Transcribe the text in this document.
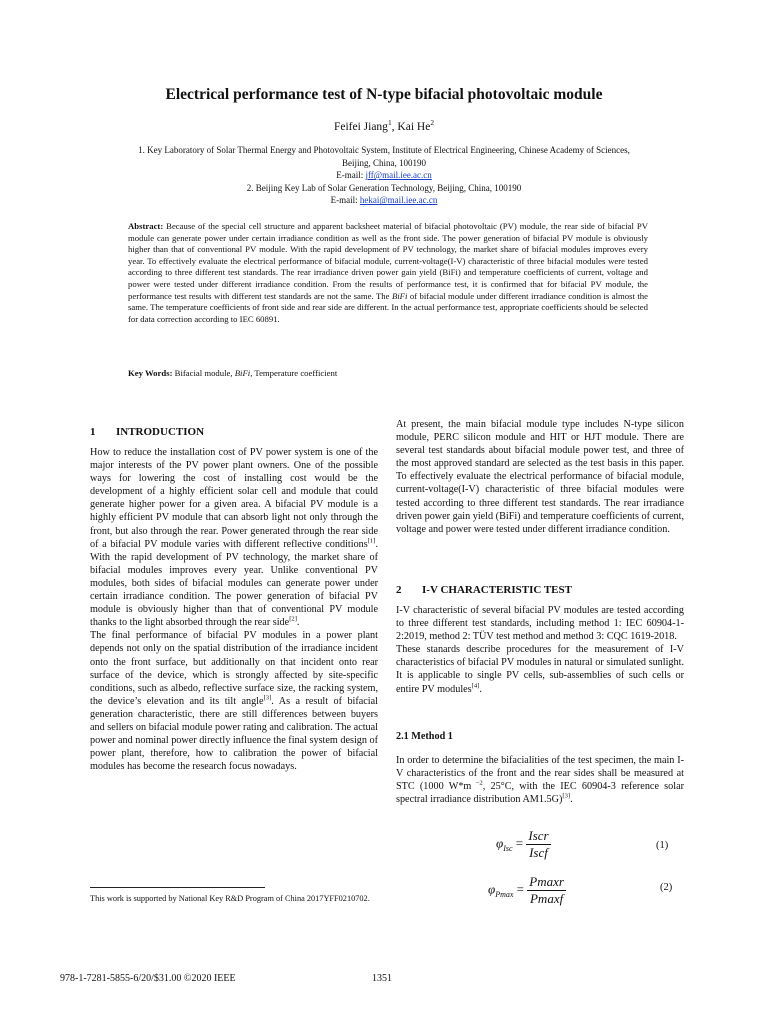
Electrical performance test of N-type bifacial photovoltaic module
Feifei Jiang$^1$, Kai He$^2$
1. Key Laboratory of Solar Thermal Energy and Photovoltaic System, Institute of Electrical Engineering, Chinese Academy of Sciences,
Beijing, China, 100190
E-mail: jff@mail.iee.ac.cn
2. Beijing Key Lab of Solar Generation Technology, Beijing, China, 100190
E-mail: hekai@mail.iee.ac.cn

Abstract: Because of the special cell structure and apparent backsheet material of bifacial photovoltaic (PV) module, the rear side of bifacial PV module can generate power under certain irradiance condition as well as the front side. The power generation of bifacial PV module is obviously higher than that of conventional PV module. With the rapid development of PV technology, the market share of bifacial modules improves every year. To effectively evaluate the electrical performance of bifacial module, current-voltage(I-V) characteristic of three bifacial modules were tested according to three different test standards. The rear irradiance driven power gain yield (BiFi) and temperature coefficients of current, voltage and power were tested under different irradiance condition. From the results of performance test, it is confirmed that for bifacial PV module, the performance test results with different test standards are not the same. The BiFi of bifacial module under different irradiance condition is almost the same. The temperature coefficients of front side and rear side are different. In the actual performance test, appropriate coefficients should be selected for data correction according to IEC 60891.

Key Words: Bifacial module, BiFi, Temperature coefficient
1 INTRODUCTION

How to reduce the installation cost of PV power system is one of the major interests of the PV power plant owners. One of the possible ways for lowering the cost of installing cost would be the development of a highly efficient solar cell and module that could generate higher power for a given area. A bifacial PV module is a highly efficient PV module that can absorb light not only through the front, but also through the rear. Power generated through the rear side of a bifacial PV module varies with different reflective conditions[1]. With the rapid development of PV technology, the market share of bifacial modules improves every year. Unlike conventional PV modules, both sides of bifacial modules can generate power under certain irradiance condition. The power generation of bifacial PV module is obviously higher than that of conventional PV module thanks to the light absorbed through the rear side[2].

The final performance of bifacial PV modules in a power plant depends not only on the spatial distribution of the irradiance incident onto the front surface, but additionally on that incident onto rear surface of the device, which is strongly affected by site-specific conditions, such as albedo, reflective surface size, the racking system, the device’s elevation and its tilt angle[3]. As a result of bifacial generation characteristic, there are still differences between buyers and sellers on bifacial module power rating and calibration. The actual power and nominal power directly influence the final system design of power plant, therefore, how to calibration the power of bifacial modules has become the research focus nowadays.

This work is supported by National Key R&D Program of China 2017YFF0210702.

At present, the main bifacial module type includes N-type silicon module, PERC silicon module and HIT or HJT module. There are several test standards about bifacial module power test, and three of the most approved standard are selected as the test basis in this paper. To effectively evaluate the electrical performance of bifacial module, current-voltage(I-V) characteristic of three bifacial modules were tested according to three different test standards. The rear irradiance driven power gain yield (BiFi) and temperature coefficients of current, voltage and power were tested under different irradiance condition.

2 I-V CHARACTERISTIC TEST

I-V characteristic of several bifacial PV modules are tested according to three different test standards, including method 1: IEC 60904-1-2:2019, method 2: TÜV test method and method 3: CQC 1619-2018.

These stanards describe procedures for the measurement of I-V characteristics of bifacial PV modules in natural or simulated sunlight. It is applicable to single PV cells, sub-assemblies of such cells or entire PV modules[4].

2.1 Method 1

In order to determine the bifacialities of the test specimen, the main I-V characteristics of the front and the rear sides shall be measured at STC (1000 W*m $^{-2}$, 25°C, with the IEC 60904-3 reference solar spectral irradiance distribution AM1.5G)[3].

$\varphi_{Isc} = \frac{\text{Iscr}}{\text{Iscf}}$	(1)
$\varphi_{Pmax} = \frac{Pmaxr}{Pmaxf}$	(2)
978-1-7281-5855-6/20/$31.00 ©2020 IEEE	1351
